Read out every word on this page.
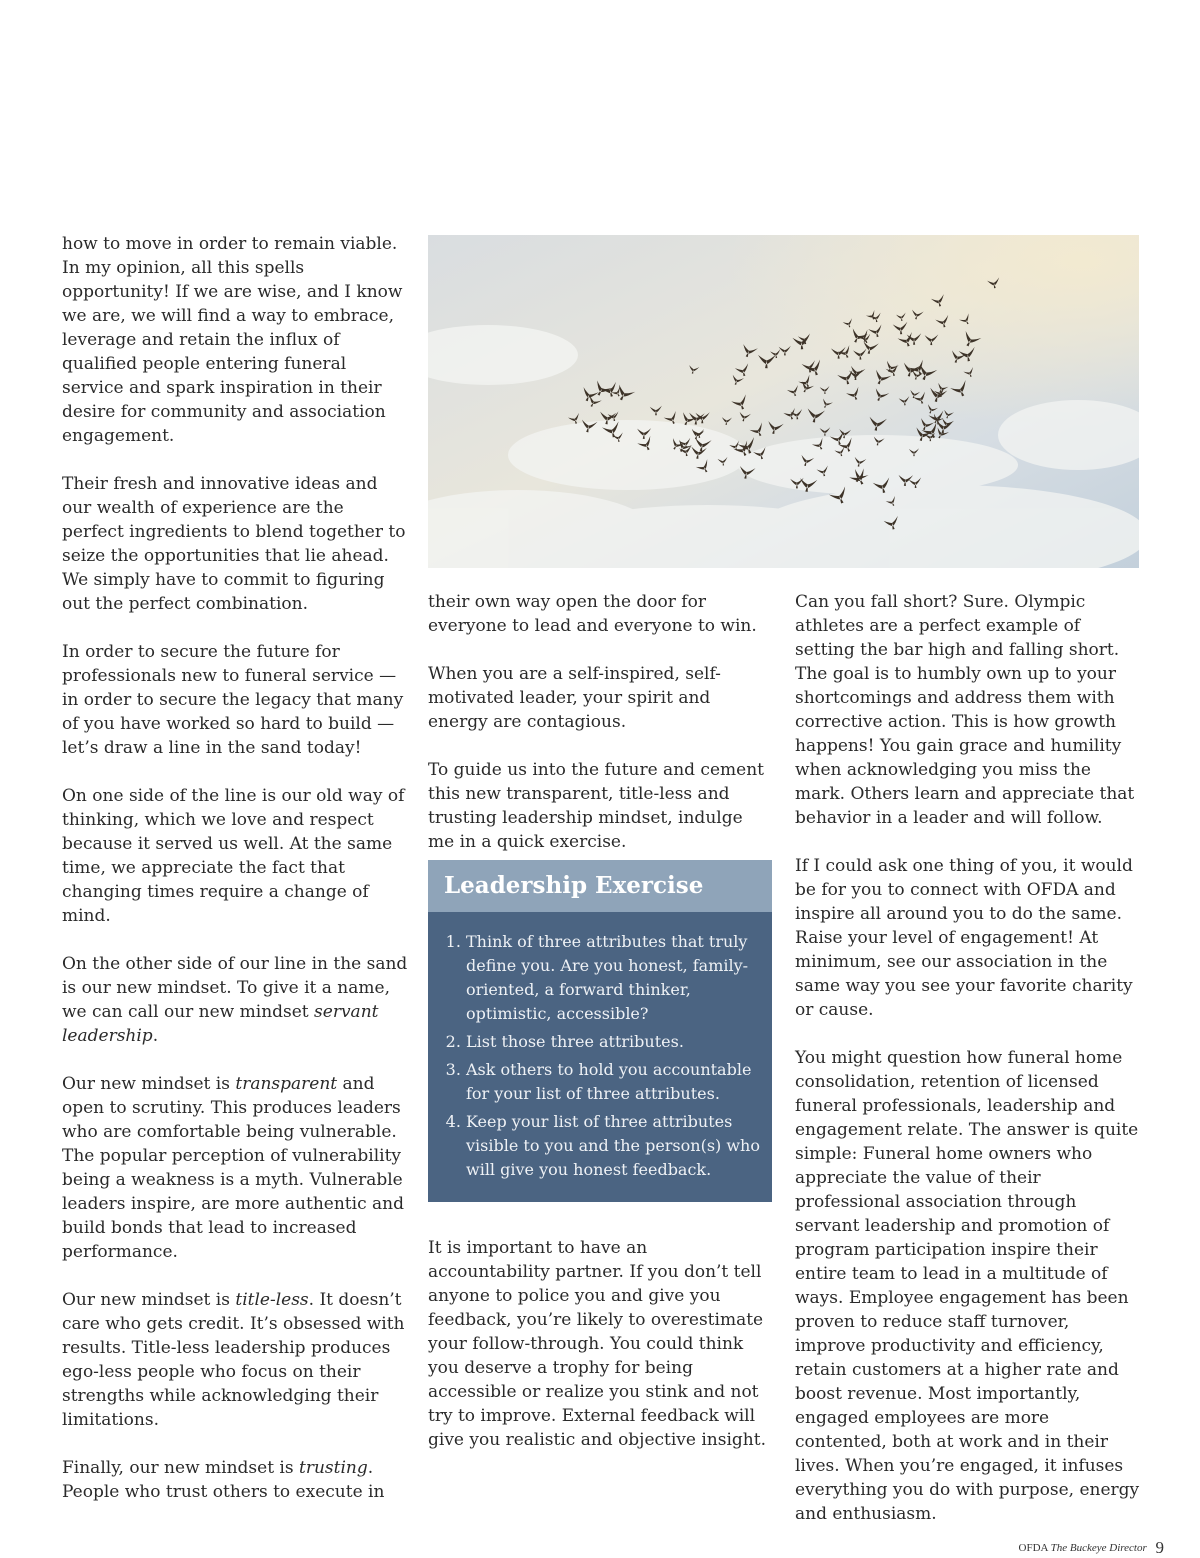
how to move in order to remain viable. In my opinion, all this spells opportunity! If we are wise, and I know we are, we will find a way to embrace, leverage and retain the influx of qualified people entering funeral service and spark inspiration in their desire for community and association engagement.

Their fresh and innovative ideas and our wealth of experience are the perfect ingredients to blend together to seize the opportunities that lie ahead. We simply have to commit to figuring out the perfect combination.

In order to secure the future for professionals new to funeral service — in order to secure the legacy that many of you have worked so hard to build — let’s draw a line in the sand today!

On one side of the line is our old way of thinking, which we love and respect because it served us well. At the same time, we appreciate the fact that changing times require a change of mind.

On the other side of our line in the sand is our new mindset. To give it a name, we can call our new mindset servant leadership.

Our new mindset is transparent and open to scrutiny. This produces leaders who are comfortable being vulnerable. The popular perception of vulnerability being a weakness is a myth. Vulnerable leaders inspire, are more authentic and build bonds that lead to increased performance.

Our new mindset is title-less. It doesn’t care who gets credit. It’s obsessed with results. Title-less leadership produces ego-less people who focus on their strengths while acknowledging their limitations.

Finally, our new mindset is trusting. People who trust others to execute in

their own way open the door for everyone to lead and everyone to win.

When you are a self-inspired, self-motivated leader, your spirit and energy are contagious.

To guide us into the future and cement this new transparent, title-less and trusting leadership mindset, indulge me in a quick exercise.

Leadership Exercise
1. Think of three attributes that truly define you. Are you honest, family-oriented, a forward thinker, optimistic, accessible?
2. List those three attributes.
3. Ask others to hold you accountable for your list of three attributes.
4. Keep your list of three attributes visible to you and the person(s) who will give you honest feedback.

It is important to have an accountability partner. If you don’t tell anyone to police you and give you feedback, you’re likely to overestimate your follow-through. You could think you deserve a trophy for being accessible or realize you stink and not try to improve. External feedback will give you realistic and objective insight.

Can you fall short? Sure. Olympic athletes are a perfect example of setting the bar high and falling short. The goal is to humbly own up to your shortcomings and address them with corrective action. This is how growth happens! You gain grace and humility when acknowledging you miss the mark. Others learn and appreciate that behavior in a leader and will follow.

If I could ask one thing of you, it would be for you to connect with OFDA and inspire all around you to do the same. Raise your level of engagement! At minimum, see our association in the same way you see your favorite charity or cause.

You might question how funeral home consolidation, retention of licensed funeral professionals, leadership and engagement relate. The answer is quite simple: Funeral home owners who appreciate the value of their professional association through servant leadership and promotion of program participation inspire their entire team to lead in a multitude of ways. Employee engagement has been proven to reduce staff turnover, improve productivity and efficiency, retain customers at a higher rate and boost revenue. Most importantly, engaged employees are more contented, both at work and in their lives. When you’re engaged, it infuses everything you do with purpose, energy and enthusiasm.

OFDA The Buckeye Director 9
